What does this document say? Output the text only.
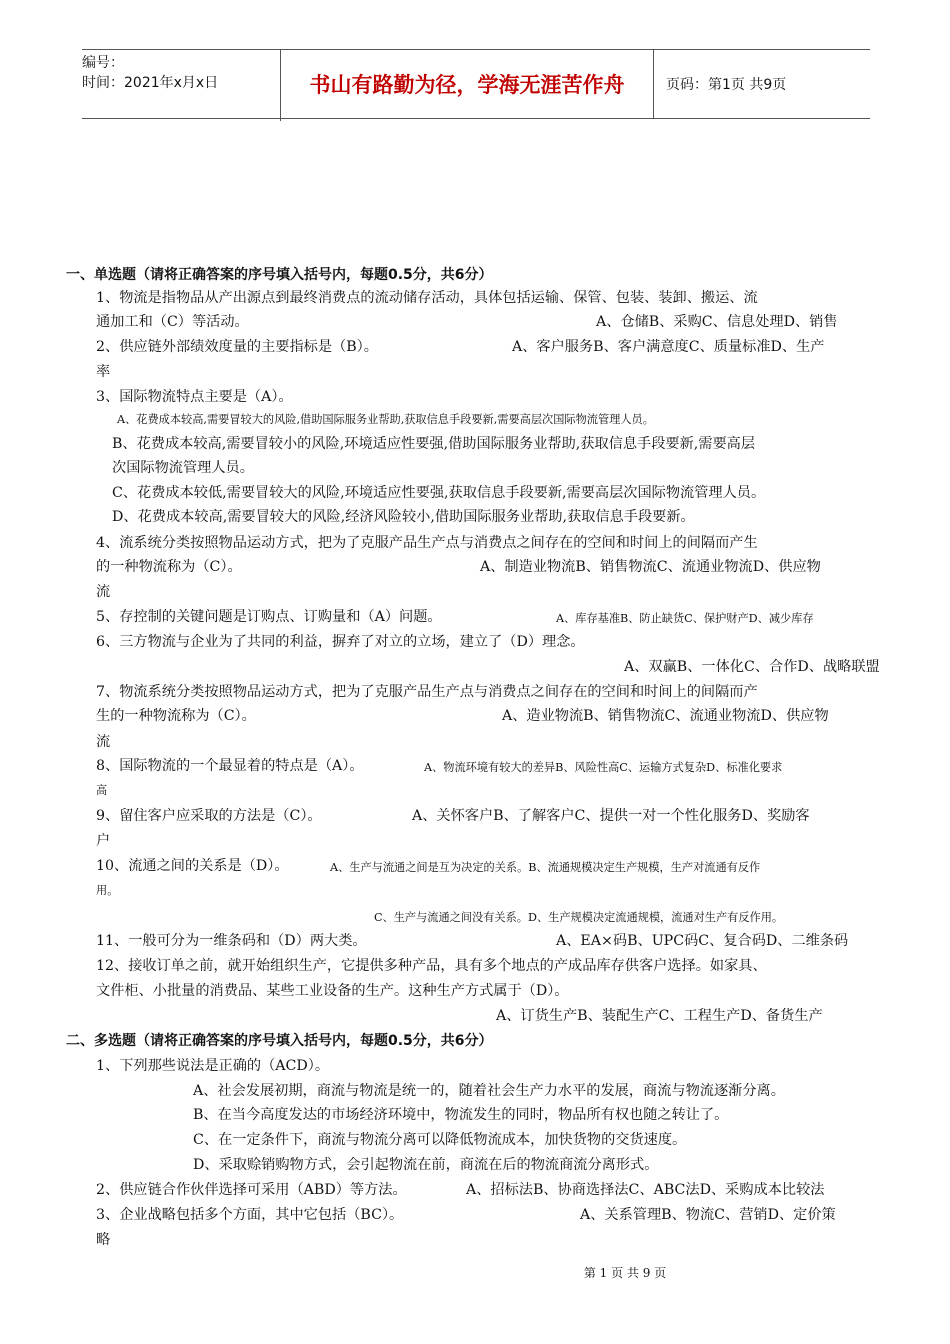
编号：
时间：2021年x月x日	书山有路勤为径，学海无涯苦作舟	页码：第1页 共9页
一、单选题（请将正确答案的序号填入括号内，每题0.5分，共6分）
1、物流是指物品从产出源点到最终消费点的流动储存活动，具体包括运输、保管、包装、装卸、搬运、流
通加工和（C）等活动。	A、仓储B、采购C、信息处理D、销售
2、供应链外部绩效度量的主要指标是（B）。	A、客户服务B、客户满意度C、质量标准D、生产
率
3、国际物流特点主要是（A）。
A、花费成本较高,需要冒较大的风险,借助国际服务业帮助,获取信息手段要新,需要高层次国际物流管理人员。
B、花费成本较高,需要冒较小的风险,环境适应性要强,借助国际服务业帮助,获取信息手段要新,需要高层
次国际物流管理人员。
C、花费成本较低,需要冒较大的风险,环境适应性要强,获取信息手段要新,需要高层次国际物流管理人员。
D、花费成本较高,需要冒较大的风险,经济风险较小,借助国际服务业帮助,获取信息手段要新。
4、流系统分类按照物品运动方式，把为了克服产品生产点与消费点之间存在的空间和时间上的间隔而产生
的一种物流称为（C）。	A、制造业物流B、销售物流C、流通业物流D、供应物
流
5、存控制的关键问题是订购点、订购量和（A）问题。	A、库存基准B、防止缺货C、保护财产D、减少库存
6、三方物流与企业为了共同的利益，摒弃了对立的立场，建立了（D）理念。
A、双赢B、一体化C、合作D、战略联盟
7、物流系统分类按照物品运动方式，把为了克服产品生产点与消费点之间存在的空间和时间上的间隔而产
生的一种物流称为（C）。	A、造业物流B、销售物流C、流通业物流D、供应物
流
8、国际物流的一个最显着的特点是（A）。	A、物流环境有较大的差异B、风险性高C、运输方式复杂D、标准化要求
高
9、留住客户应采取的方法是（C）。	A、关怀客户B、了解客户C、提供一对一个性化服务D、奖励客
户
10、流通之间的关系是（D）。	A、生产与流通之间是互为决定的关系。B、流通规模决定生产规模，生产对流通有反作
用。
C、生产与流通之间没有关系。D、生产规模决定流通规模，流通对生产有反作用。
11、一般可分为一维条码和（D）两大类。	A、EA×码B、UPC码C、复合码D、二维条码
12、接收订单之前，就开始组织生产，它提供多种产品，具有多个地点的产成品库存供客户选择。如家具、
文件柜、小批量的消费品、某些工业设备的生产。这种生产方式属于（D）。
A、订货生产B、装配生产C、工程生产D、备货生产
二、多选题（请将正确答案的序号填入括号内，每题0.5分，共6分）
1、下列那些说法是正确的（ACD）。
A、社会发展初期，商流与物流是统一的，随着社会生产力水平的发展，商流与物流逐渐分离。
B、在当今高度发达的市场经济环境中，物流发生的同时，物品所有权也随之转让了。
C、在一定条件下，商流与物流分离可以降低物流成本，加快货物的交货速度。
D、采取赊销购物方式，会引起物流在前，商流在后的物流商流分离形式。
2、供应链合作伙伴选择可采用（ABD）等方法。	A、招标法B、协商选择法C、ABC法D、采购成本比较法
3、企业战略包括多个方面，其中它包括（BC）。	A、关系管理B、物流C、营销D、定价策
略
第 1 页 共 9 页
